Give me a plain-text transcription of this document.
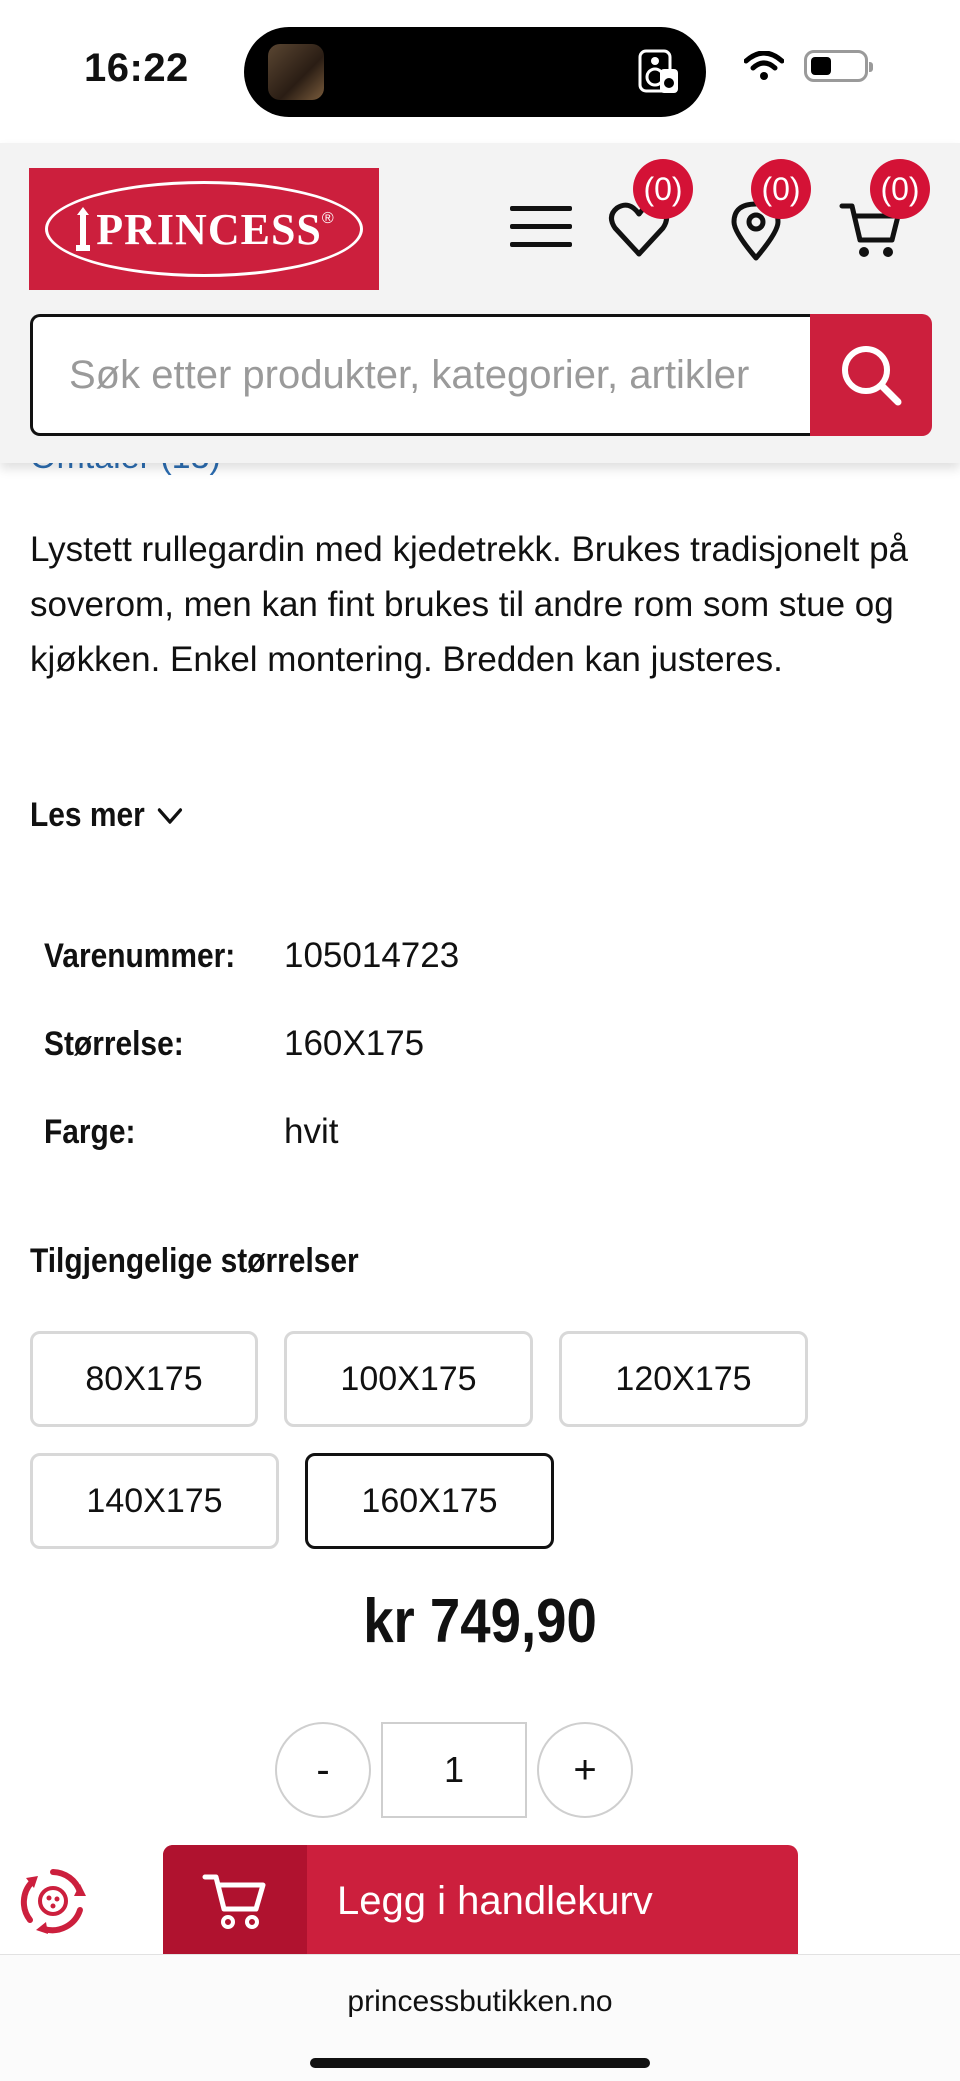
16:22
PRINCESS ®
(0)	(0)	(0)
Søk etter produkter, kategorier, artikler

Lystett rullegardin med kjedetrekk. Brukes tradisjonelt på soverom, men kan fint brukes til andre rom som stue og kjøkken. Enkel montering. Bredden kan justeres.

Les mer
Varenummer:	105014723
Størrelse:	160X175
Farge:	hvit
Tilgjengelige størrelser
80X175	100X175	120X175
140X175	160X175
kr 749,90
-
1	+
Legg i handlekurv
princessbutikken.no
